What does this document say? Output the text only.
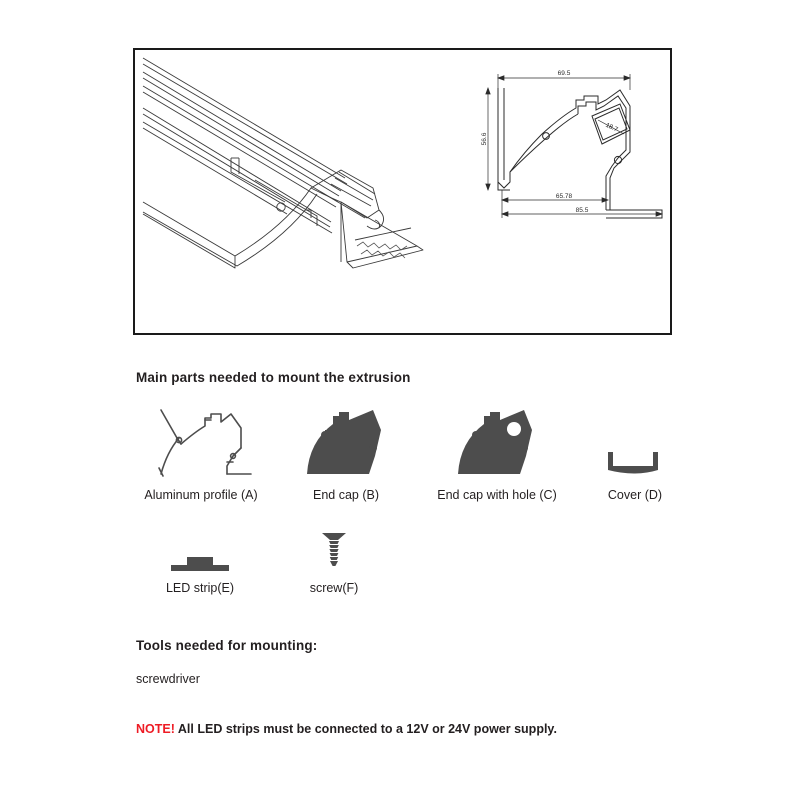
69.5
65.78
85.5
56.6
18.7
Main parts needed to mount the extrusion
Aluminum profile (A)	End cap (B)	End cap with hole (C)	Cover (D)
LED strip(E)	screw(F)
Tools needed for mounting:
screwdriver
NOTE! All LED strips must be connected to a 12V or 24V power supply.
